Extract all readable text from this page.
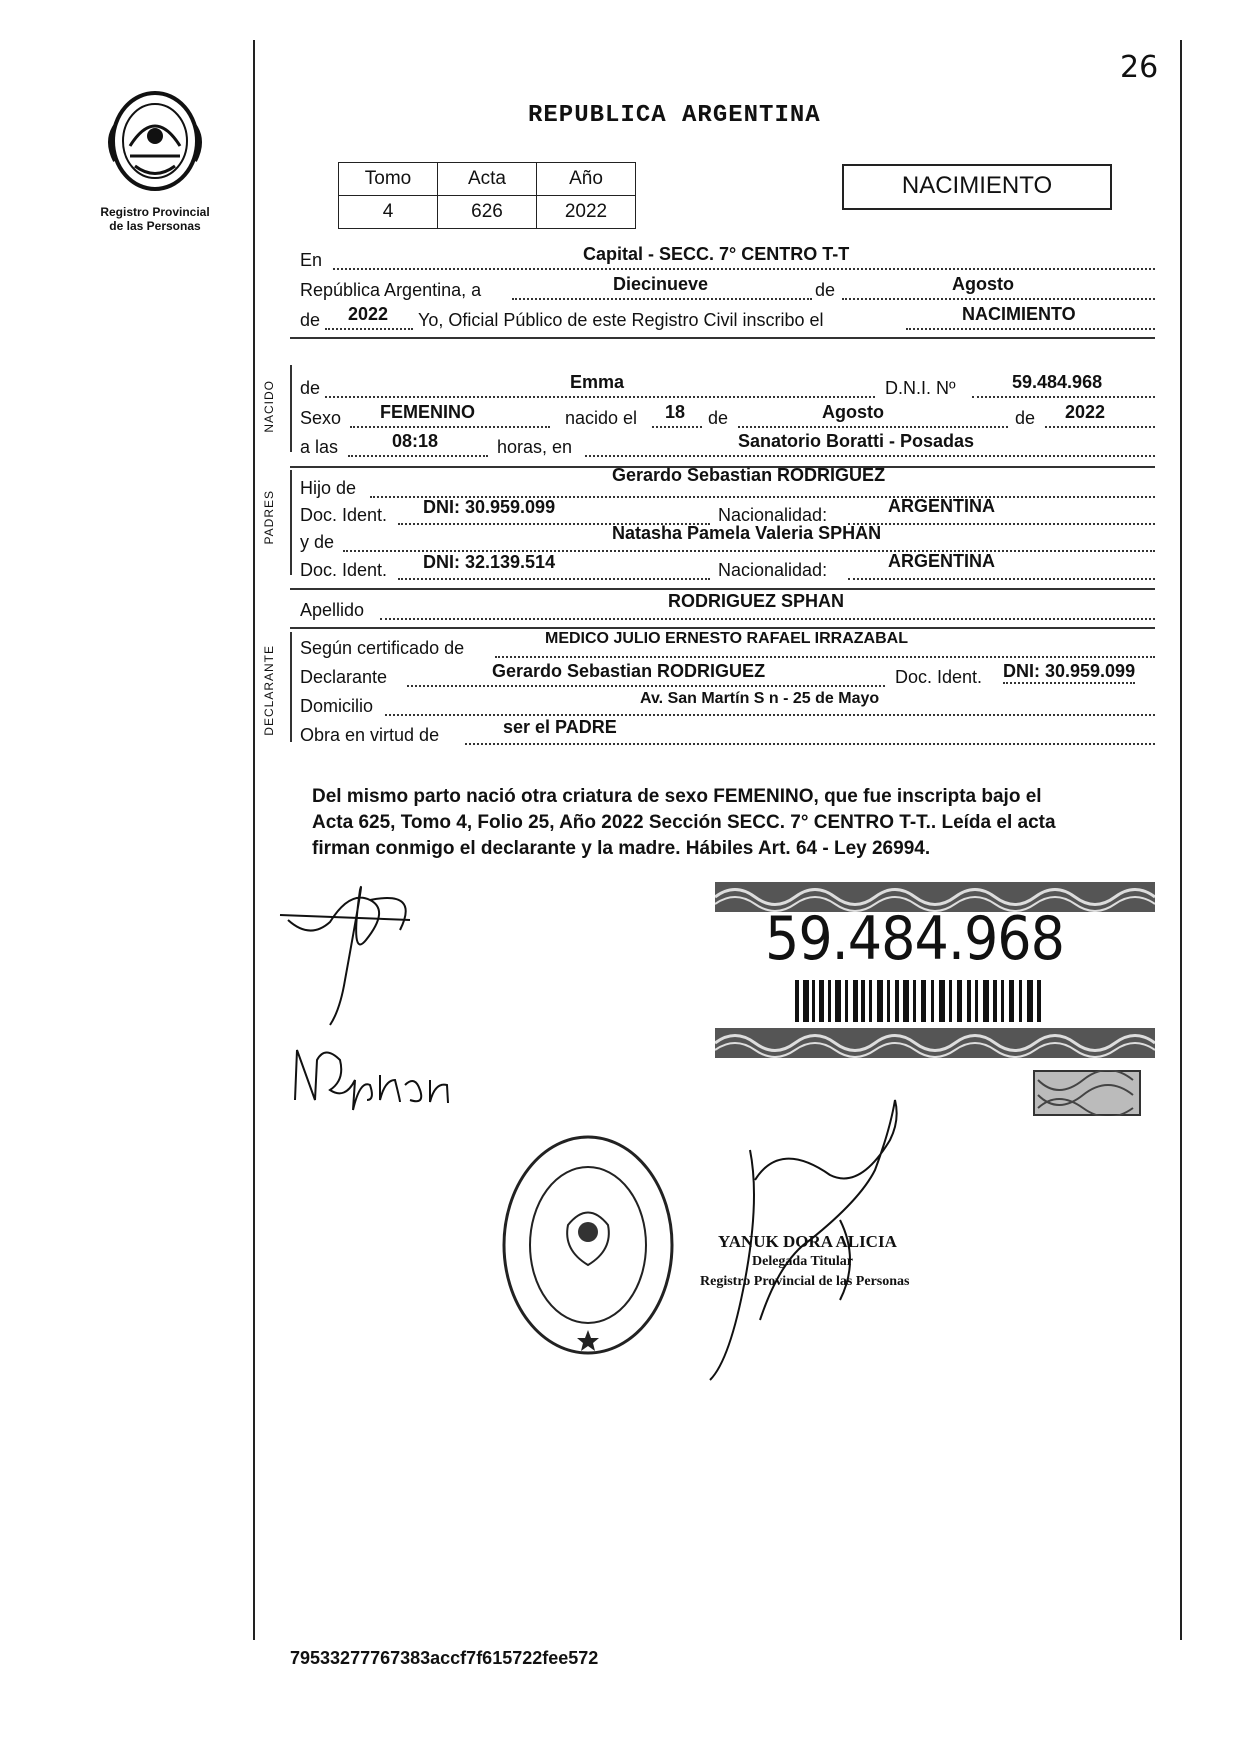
26
Registro Provincial
de las Personas
REPUBLICA ARGENTINA
Tomo	Acta	Año
4	626	2022
NACIMIENTO
En	Capital - SECC. 7° CENTRO T-T
República Argentina, a	Diecinueve	de	Agosto
de 2022 Yo, Oficial Público de este Registro Civil inscribo el	NACIMIENTO
NACIDO de	Emma	D.N.I. Nº	59.484.968
Sexo FEMENINO	nacido el 18 de	Agosto	de 2022
a las	08:18	horas, en	Sanatorio Boratti - Posadas
PADRES
Hijo de
Gerardo Sebastian RODRIGUEZ
Doc. Ident. DNI: 30.959.099	Nacionalidad:	ARGENTINA
y de	Natasha Pamela Valeria SPHAN
Doc. Ident. DNI: 32.139.514	Nacionalidad:	ARGENTINA
Apellido	RODRIGUEZ SPHAN
DECLARANTE Según certificado de	MEDICO JULIO ERNESTO RAFAEL IRRAZABAL
Declarante	Gerardo Sebastian RODRIGUEZ	Doc. Ident. DNI: 30.959.099
Domicilio	Av. San Martín S n - 25 de Mayo
Obra en virtud de	ser el PADRE
Del mismo parto nació otra criatura de sexo FEMENINO, que fue inscripta bajo el
Acta 625, Tomo 4, Folio 25, Año 2022 Sección SECC. 7° CENTRO T-T.. Leída el acta
firman conmigo el declarante y la madre. Hábiles Art. 64 - Ley 26994.
59.484.968
YANUK DORA ALICIA
Delegada Titular
Registro Provincial de las Personas
79533277767383accf7f615722fee572
